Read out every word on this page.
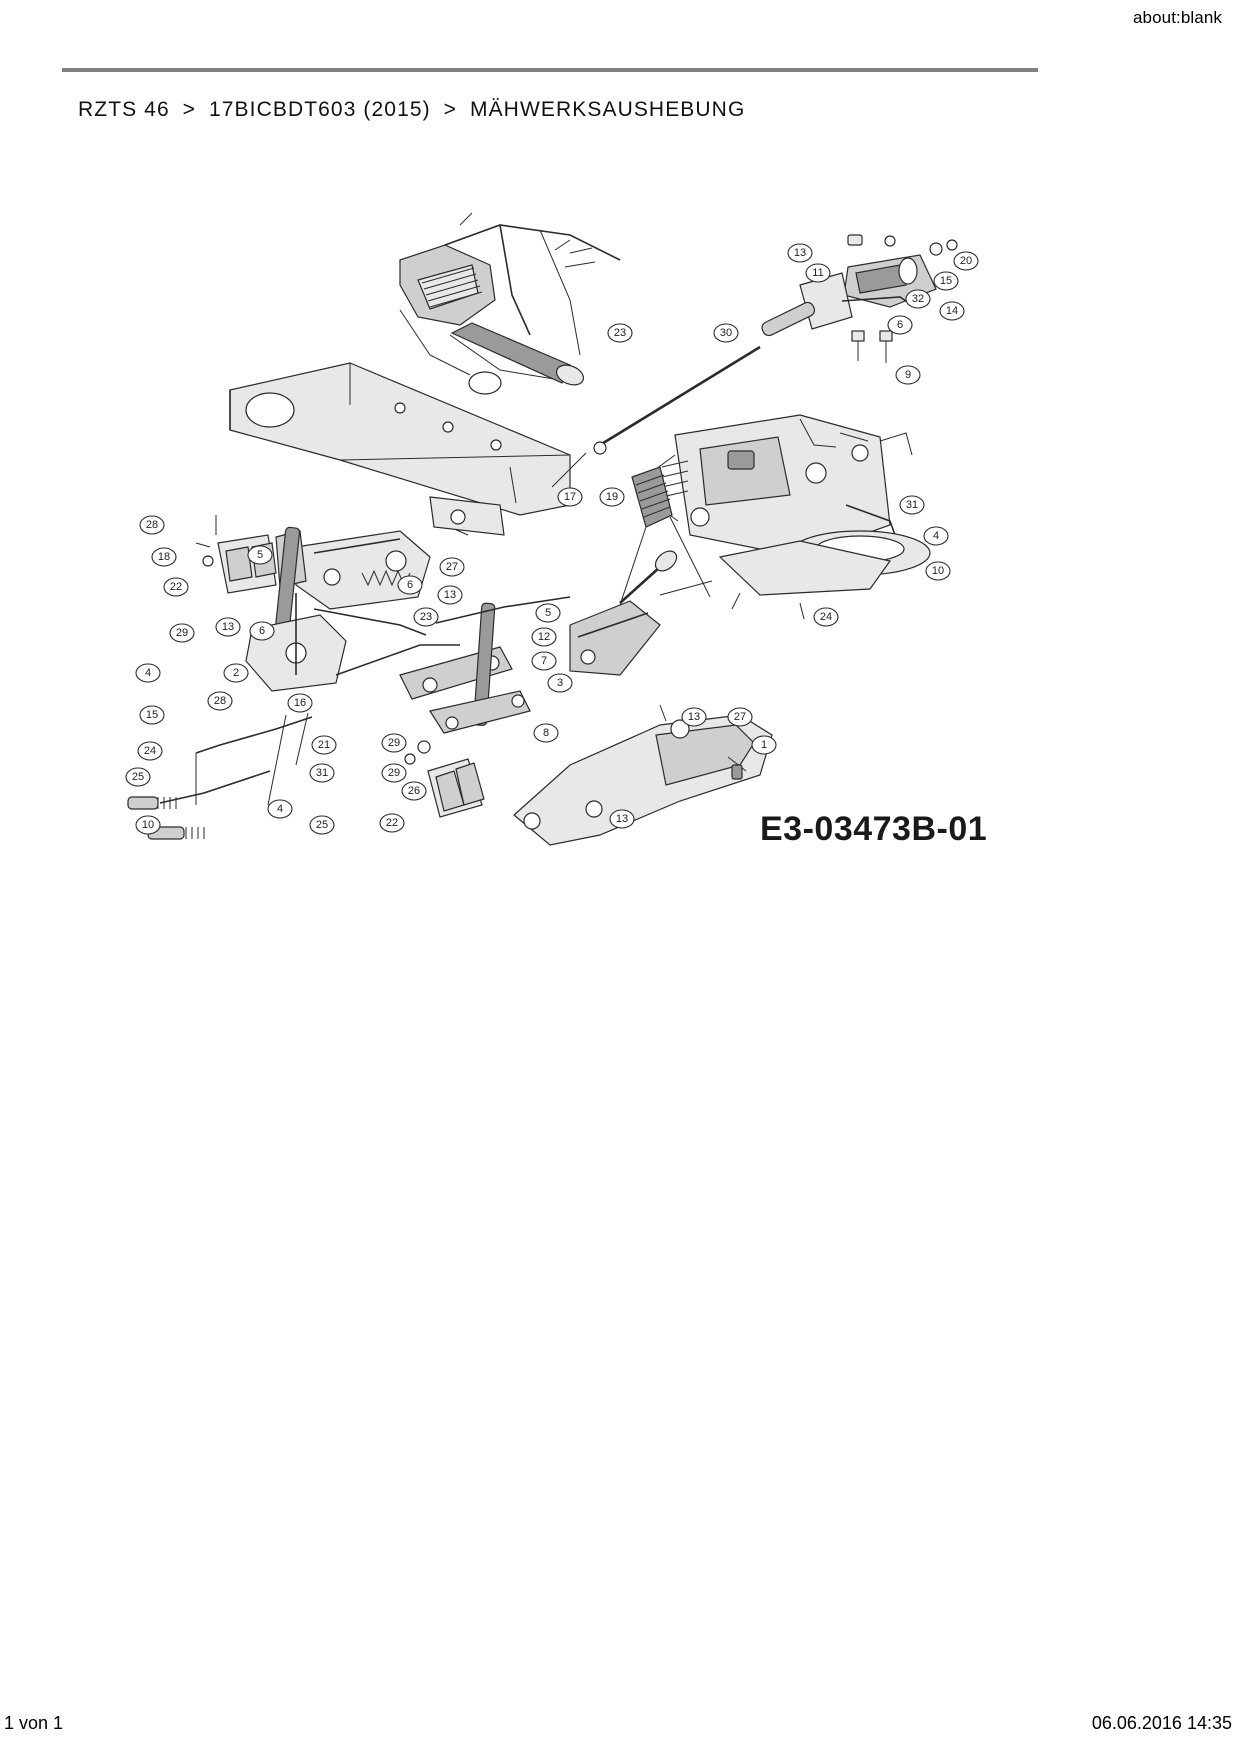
about:blank
RZTS 46 > 17BICBDT603 (2015) > MÄHWERKSAUSHEBUNG
13
11
20
15
32
14
6
9
23	30
31
4
10
24
17	19
28
18
22
5
27
6
13
23
29	13 6
2
4
28	16
15
24	21
31
29
29
26
25
10
4
25	22
5
12
7
3
8
13	27
1
13	E3-03473B-01
1 von 1	06.06.2016 14:35
